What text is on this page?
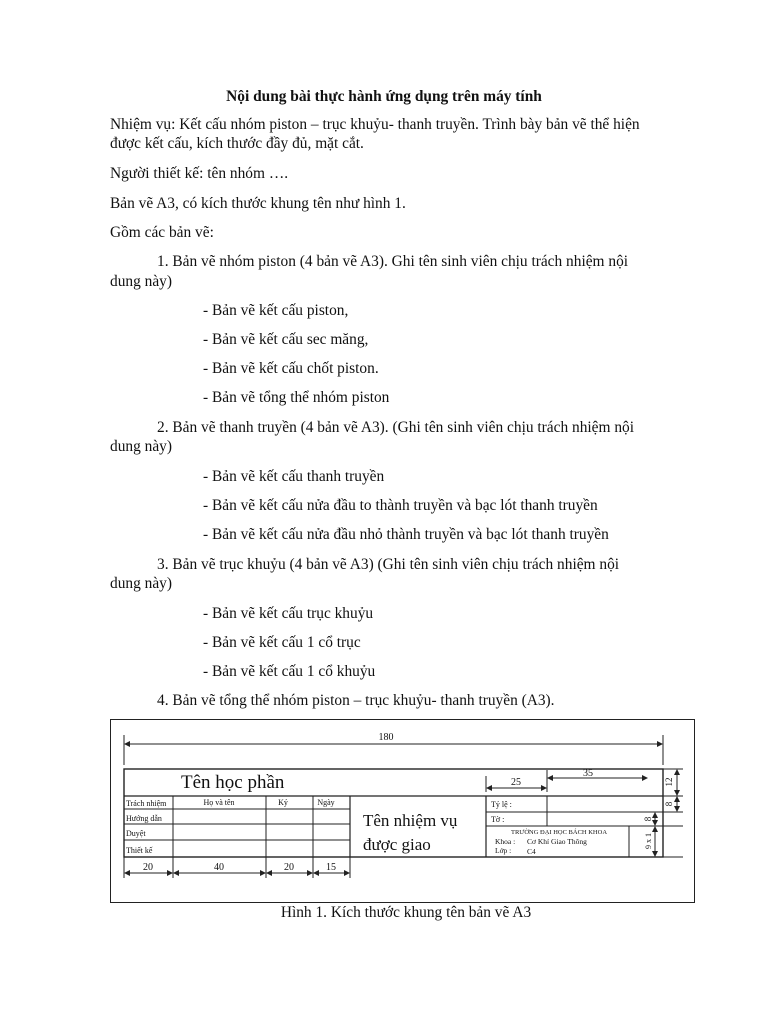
Nội dung bài thực hành ứng dụng trên máy tính
Nhiệm vụ: Kết cấu nhóm piston – trục khuỷu- thanh truyền. Trình bày bản vẽ thể hiện
được kết cấu, kích thước đầy đủ, mặt cắt.
Người thiết kế: tên nhóm ….
Bản vẽ A3, có kích thước khung tên như hình 1.
Gồm các bản vẽ:
1. Bản vẽ nhóm piston (4 bản vẽ A3). Ghi tên sinh viên chịu trách nhiệm nội
dung này)
- Bản vẽ kết cấu piston,
- Bản vẽ kết cấu sec măng,
- Bản vẽ kết cấu chốt piston.
- Bản vẽ tổng thể nhóm piston
2. Bản vẽ thanh truyền (4 bản vẽ A3). (Ghi tên sinh viên chịu trách nhiệm nội
dung này)
- Bản vẽ kết cấu thanh truyền
- Bản vẽ kết cấu nửa đầu to thành truyền và bạc lót thanh truyền
- Bản vẽ kết cấu nửa đầu nhỏ thành truyền và bạc lót thanh truyền
3. Bản vẽ trục khuỷu (4 bản vẽ A3) (Ghi tên sinh viên chịu trách nhiệm nội
dung này)
- Bản vẽ kết cấu trục khuỷu
- Bản vẽ kết cấu 1 cổ trục
- Bản vẽ kết cấu 1 cổ khuỷu
4. Bản vẽ tổng thể nhóm piston – trục khuỷu- thanh truyền (A3).
180
25
35
12
8
8
9 x 1
20	40	20	15
Tên học phần
Tên nhiệm vụ
được giao
Họ và tên	Ký	Ngày
Trách nhiệm
Hướng dẫn
Duyệt
Thiết kế
Tỷ lệ :
Tờ :
TRƯỜNG ĐẠI HỌC BÁCH KHOA
Khoa : Cơ Khí Giao Thông
Lớp : C4
Hình 1. Kích thước khung tên bản vẽ A3
